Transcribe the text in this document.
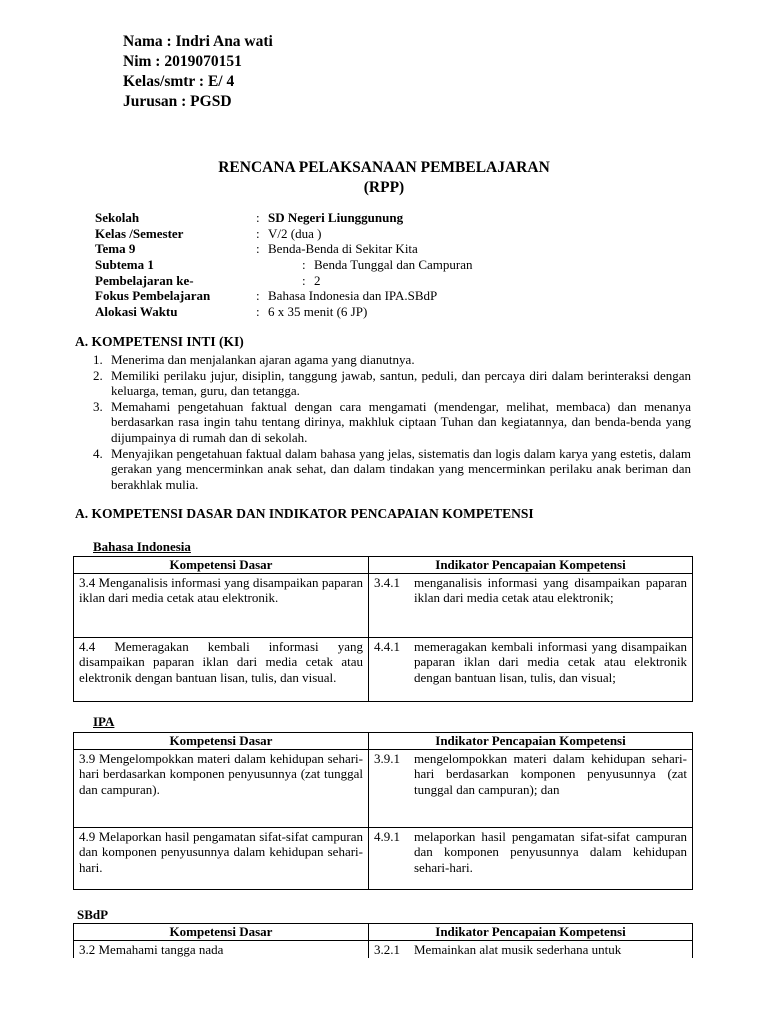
Nama : Indri Ana wati
Nim : 2019070151
Kelas/smtr : E/ 4
Jurusan : PGSD
RENCANA PELAKSANAAN PEMBELAJARAN
(RPP)
Sekolah	: SD Negeri Liunggunung
Kelas /Semester	: V/2 (dua )
Tema 9	: Benda-Benda di Sekitar Kita
Subtema 1	: Benda Tunggal dan Campuran
Pembelajaran ke-	: 2
Fokus Pembelajaran	: Bahasa Indonesia dan IPA.SBdP
Alokasi Waktu	: 6 x 35 menit (6 JP)
A. KOMPETENSI INTI (KI)
1. Menerima dan menjalankan ajaran agama yang dianutnya.
2. Memiliki perilaku jujur, disiplin, tanggung jawab, santun, peduli, dan percaya diri dalam berinteraksi dengan keluarga, teman, guru, dan tetangga.
3. Memahami pengetahuan faktual dengan cara mengamati (mendengar, melihat, membaca) dan menanya berdasarkan rasa ingin tahu tentang dirinya, makhluk ciptaan Tuhan dan kegiatannya, dan benda-benda yang dijumpainya di rumah dan di sekolah.
4. Menyajikan pengetahuan faktual dalam bahasa yang jelas, sistematis dan logis dalam karya yang estetis, dalam gerakan yang mencerminkan anak sehat, dan dalam tindakan yang mencerminkan perilaku anak beriman dan berakhlak mulia.
A. KOMPETENSI DASAR DAN INDIKATOR PENCAPAIAN KOMPETENSI
Bahasa Indonesia
Kompetensi Dasar	Indikator Pencapaian Kompetensi
3.4 Menganalisis informasi yang disampaikan paparan iklan dari media cetak atau elektronik.	3.4.1 menganalisis informasi yang disampaikan paparan iklan dari media cetak atau elektronik;

4.4 Memeragakan kembali informasi yang disampaikan paparan iklan dari media cetak atau elektronik dengan bantuan lisan, tulis, dan visual.	4.4.1 memeragakan kembali informasi yang disampaikan paparan iklan dari media cetak atau elektronik dengan bantuan lisan, tulis, dan visual;
IPA
Kompetensi Dasar	Indikator Pencapaian Kompetensi
3.9 Mengelompokkan materi dalam kehidupan sehari-hari berdasarkan komponen penyusunnya (zat tunggal dan campuran).	3.9.1 mengelompokkan materi dalam kehidupan sehari-hari berdasarkan komponen penyusunnya (zat tunggal dan campuran); dan

4.9 Melaporkan hasil pengamatan sifat-sifat campuran dan komponen penyusunnya dalam kehidupan sehari-hari.	4.9.1 melaporkan hasil pengamatan sifat-sifat campuran dan komponen penyusunnya dalam kehidupan sehari-hari.
SBdP
Kompetensi Dasar	Indikator Pencapaian Kompetensi
3.2 Memahami tangga nada	3.2.1 Memainkan alat musik sederhana untuk
